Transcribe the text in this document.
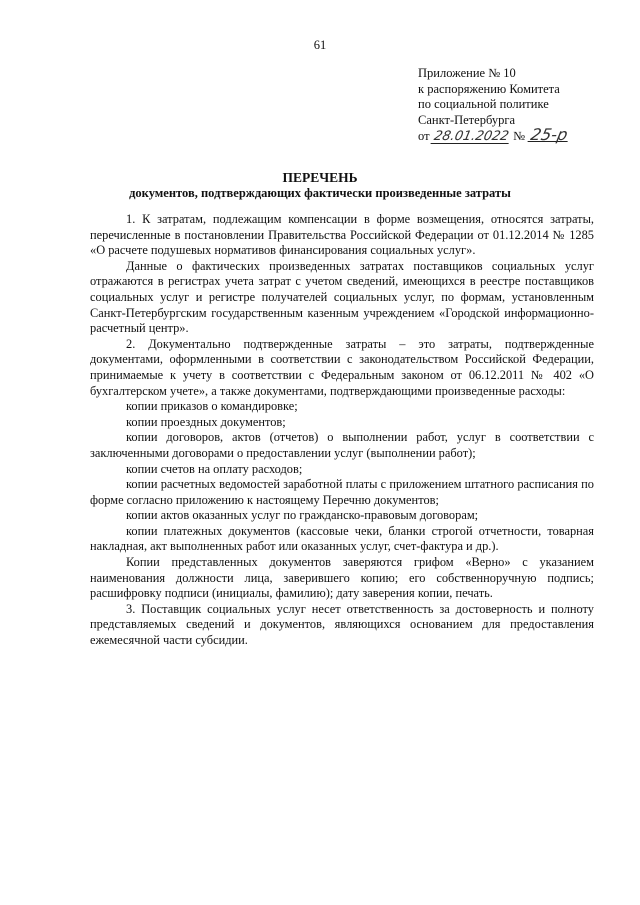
61
Приложение № 10
к распоряжению Комитета
по социальной политике
Санкт-Петербурга
от 28.01.2022 № 25-р
ПЕРЕЧЕНЬ
документов, подтверждающих фактически произведенные затраты

1. К затратам, подлежащим компенсации в форме возмещения, относятся затраты, перечисленные в постановлении Правительства Российской Федерации от 01.12.2014 № 1285 «О расчете подушевых нормативов финансирования социальных услуг».

Данные о фактических произведенных затратах поставщиков социальных услуг отражаются в регистрах учета затрат с учетом сведений, имеющихся в реестре поставщиков социальных услуг и регистре получателей социальных услуг, по формам, установленным Санкт-Петербургским государственным казенным учреждением «Городской информационно-расчетный центр».

2. Документально подтвержденные затраты – это затраты, подтвержденные документами, оформленными в соответствии с законодательством Российской Федерации, принимаемые к учету в соответствии с Федеральным законом от 06.12.2011 № 402 «О бухгалтерском учете», а также документами, подтверждающими произведенные расходы:

копии приказов о командировке;

копии проездных документов;

копии договоров, актов (отчетов) о выполнении работ, услуг в соответствии с заключенными договорами о предоставлении услуг (выполнении работ);

копии счетов на оплату расходов;

копии расчетных ведомостей заработной платы с приложением штатного расписания по форме согласно приложению к настоящему Перечню документов;

копии актов оказанных услуг по гражданско-правовым договорам;

копии платежных документов (кассовые чеки, бланки строгой отчетности, товарная накладная, акт выполненных работ или оказанных услуг, счет-фактура и др.).

Копии представленных документов заверяются грифом «Верно» с указанием наименования должности лица, заверившего копию; его собственноручную подпись; расшифровку подписи (инициалы, фамилию); дату заверения копии, печать.

3. Поставщик социальных услуг несет ответственность за достоверность и полноту представляемых сведений и документов, являющихся основанием для предоставления ежемесячной части субсидии.
